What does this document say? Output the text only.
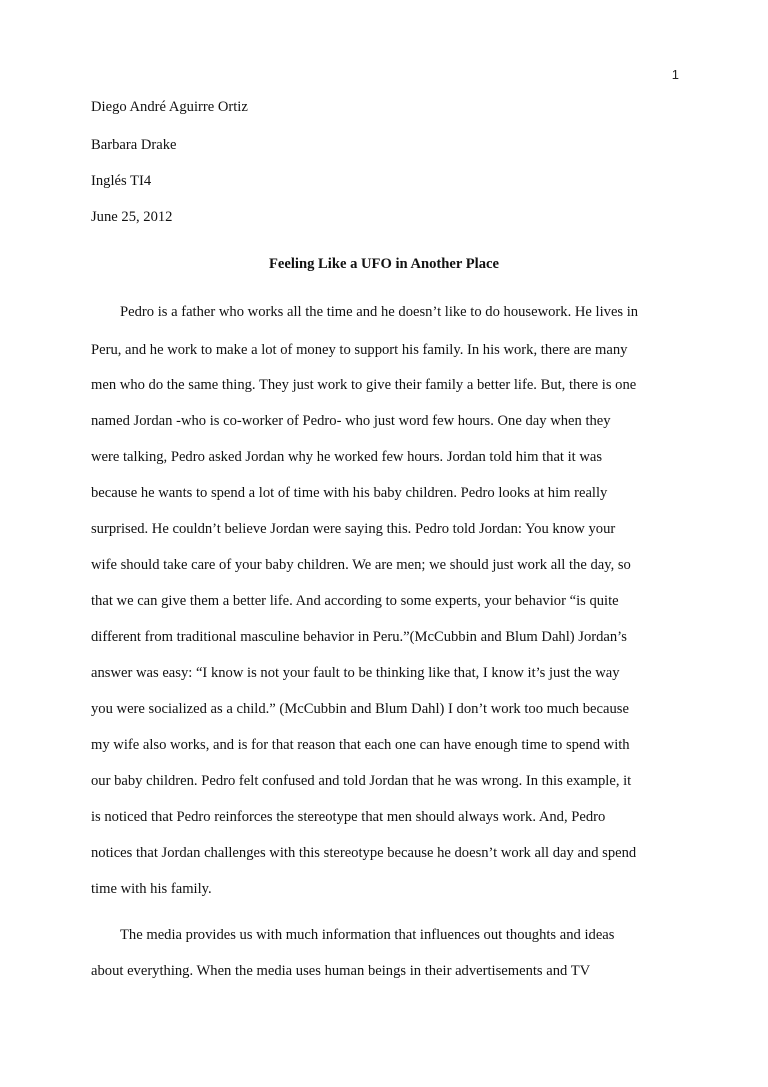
1
Diego André Aguirre Ortiz
Barbara Drake
Inglés TI4
June 25, 2012
Feeling Like a UFO in Another Place
Pedro is a father who works all the time and he doesn’t like to do housework. He lives in
Peru, and he work to make a lot of money to support his family. In his work, there are many
men who do the same thing. They just work to give their family a better life. But, there is one
named Jordan -who is co-worker of Pedro- who just word few hours. One day when they
were talking, Pedro asked Jordan why he worked few hours. Jordan told him that it was
because he wants to spend a lot of time with his baby children. Pedro looks at him really
surprised. He couldn’t believe Jordan were saying this. Pedro told Jordan: You know your
wife should take care of your baby children. We are men; we should just work all the day, so
that we can give them a better life. And according to some experts, your behavior “is quite
different from traditional masculine behavior in Peru.”(McCubbin and Blum Dahl) Jordan’s
answer was easy: “I know is not your fault to be thinking like that, I know it’s just the way
you were socialized as a child.” (McCubbin and Blum Dahl) I don’t work too much because
my wife also works, and is for that reason that each one can have enough time to spend with
our baby children. Pedro felt confused and told Jordan that he was wrong. In this example, it
is noticed that Pedro reinforces the stereotype that men should always work. And, Pedro
notices that Jordan challenges with this stereotype because he doesn’t work all day and spend
time with his family.
The media provides us with much information that influences out thoughts and ideas
about everything. When the media uses human beings in their advertisements and TV
